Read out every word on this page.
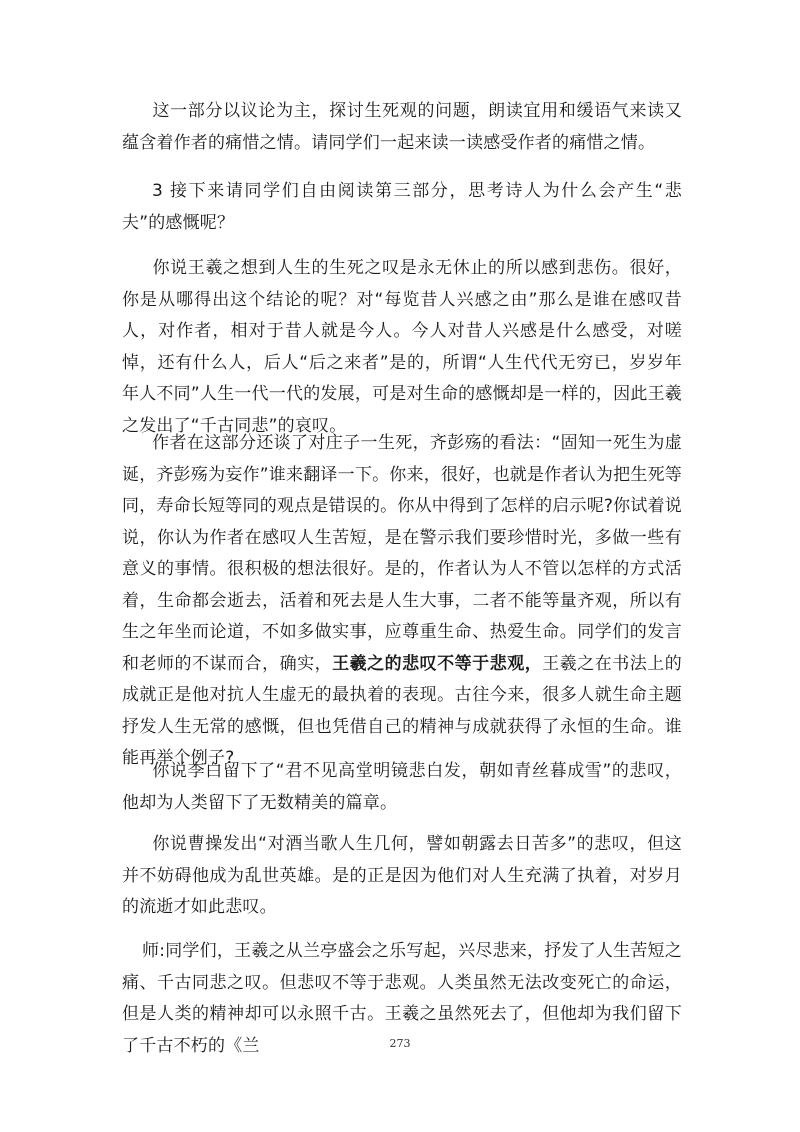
这一部分以议论为主，探讨生死观的问题，朗读宜用和缓语气来读又蕴含着作者的痛惜之情。请同学们一起来读一读感受作者的痛惜之情。

3 接下来请同学们自由阅读第三部分，思考诗人为什么会产生“悲夫”的感慨呢？

你说王羲之想到人生的生死之叹是永无休止的所以感到悲伤。很好，你是从哪得出这个结论的呢？对“每览昔人兴感之由”那么是谁在感叹昔人，对作者，相对于昔人就是今人。今人对昔人兴感是什么感受，对嗟悼，还有什么人，后人“后之来者”是的，所谓“人生代代无穷已，岁岁年年人不同”人生一代一代的发展，可是对生命的感慨却是一样的，因此王羲之发出了“千古同悲”的哀叹。

作者在这部分还谈了对庄子一生死，齐彭殇的看法：“固知一死生为虚诞，齐彭殇为妄作”谁来翻译一下。你来，很好，也就是作者认为把生死等同，寿命长短等同的观点是错误的。你从中得到了怎样的启示呢?你试着说说，你认为作者在感叹人生苦短，是在警示我们要珍惜时光，多做一些有意义的事情。很积极的想法很好。是的，作者认为人不管以怎样的方式活着，生命都会逝去，活着和死去是人生大事，二者不能等量齐观，所以有生之年坐而论道，不如多做实事，应尊重生命、热爱生命。同学们的发言和老师的不谋而合，确实，王羲之的悲叹不等于悲观，王羲之在书法上的成就正是他对抗人生虚无的最执着的表现。古往今来，很多人就生命主题抒发人生无常的感慨，但也凭借自己的精神与成就获得了永恒的生命。谁能再举个例子?

你说李白留下了“君不见高堂明镜悲白发，朝如青丝暮成雪”的悲叹，他却为人类留下了无数精美的篇章。

你说曹操发出“对酒当歌人生几何，譬如朝露去日苦多”的悲叹，但这并不妨碍他成为乱世英雄。是的正是因为他们对人生充满了执着，对岁月的流逝才如此悲叹。

师:同学们，王羲之从兰亭盛会之乐写起，兴尽悲来，抒发了人生苦短之痛、千古同悲之叹。但悲叹不等于悲观。人类虽然无法改变死亡的命运，但是人类的精神却可以永照千古。王羲之虽然死去了，但他却为我们留下了千古不朽的《兰	273
